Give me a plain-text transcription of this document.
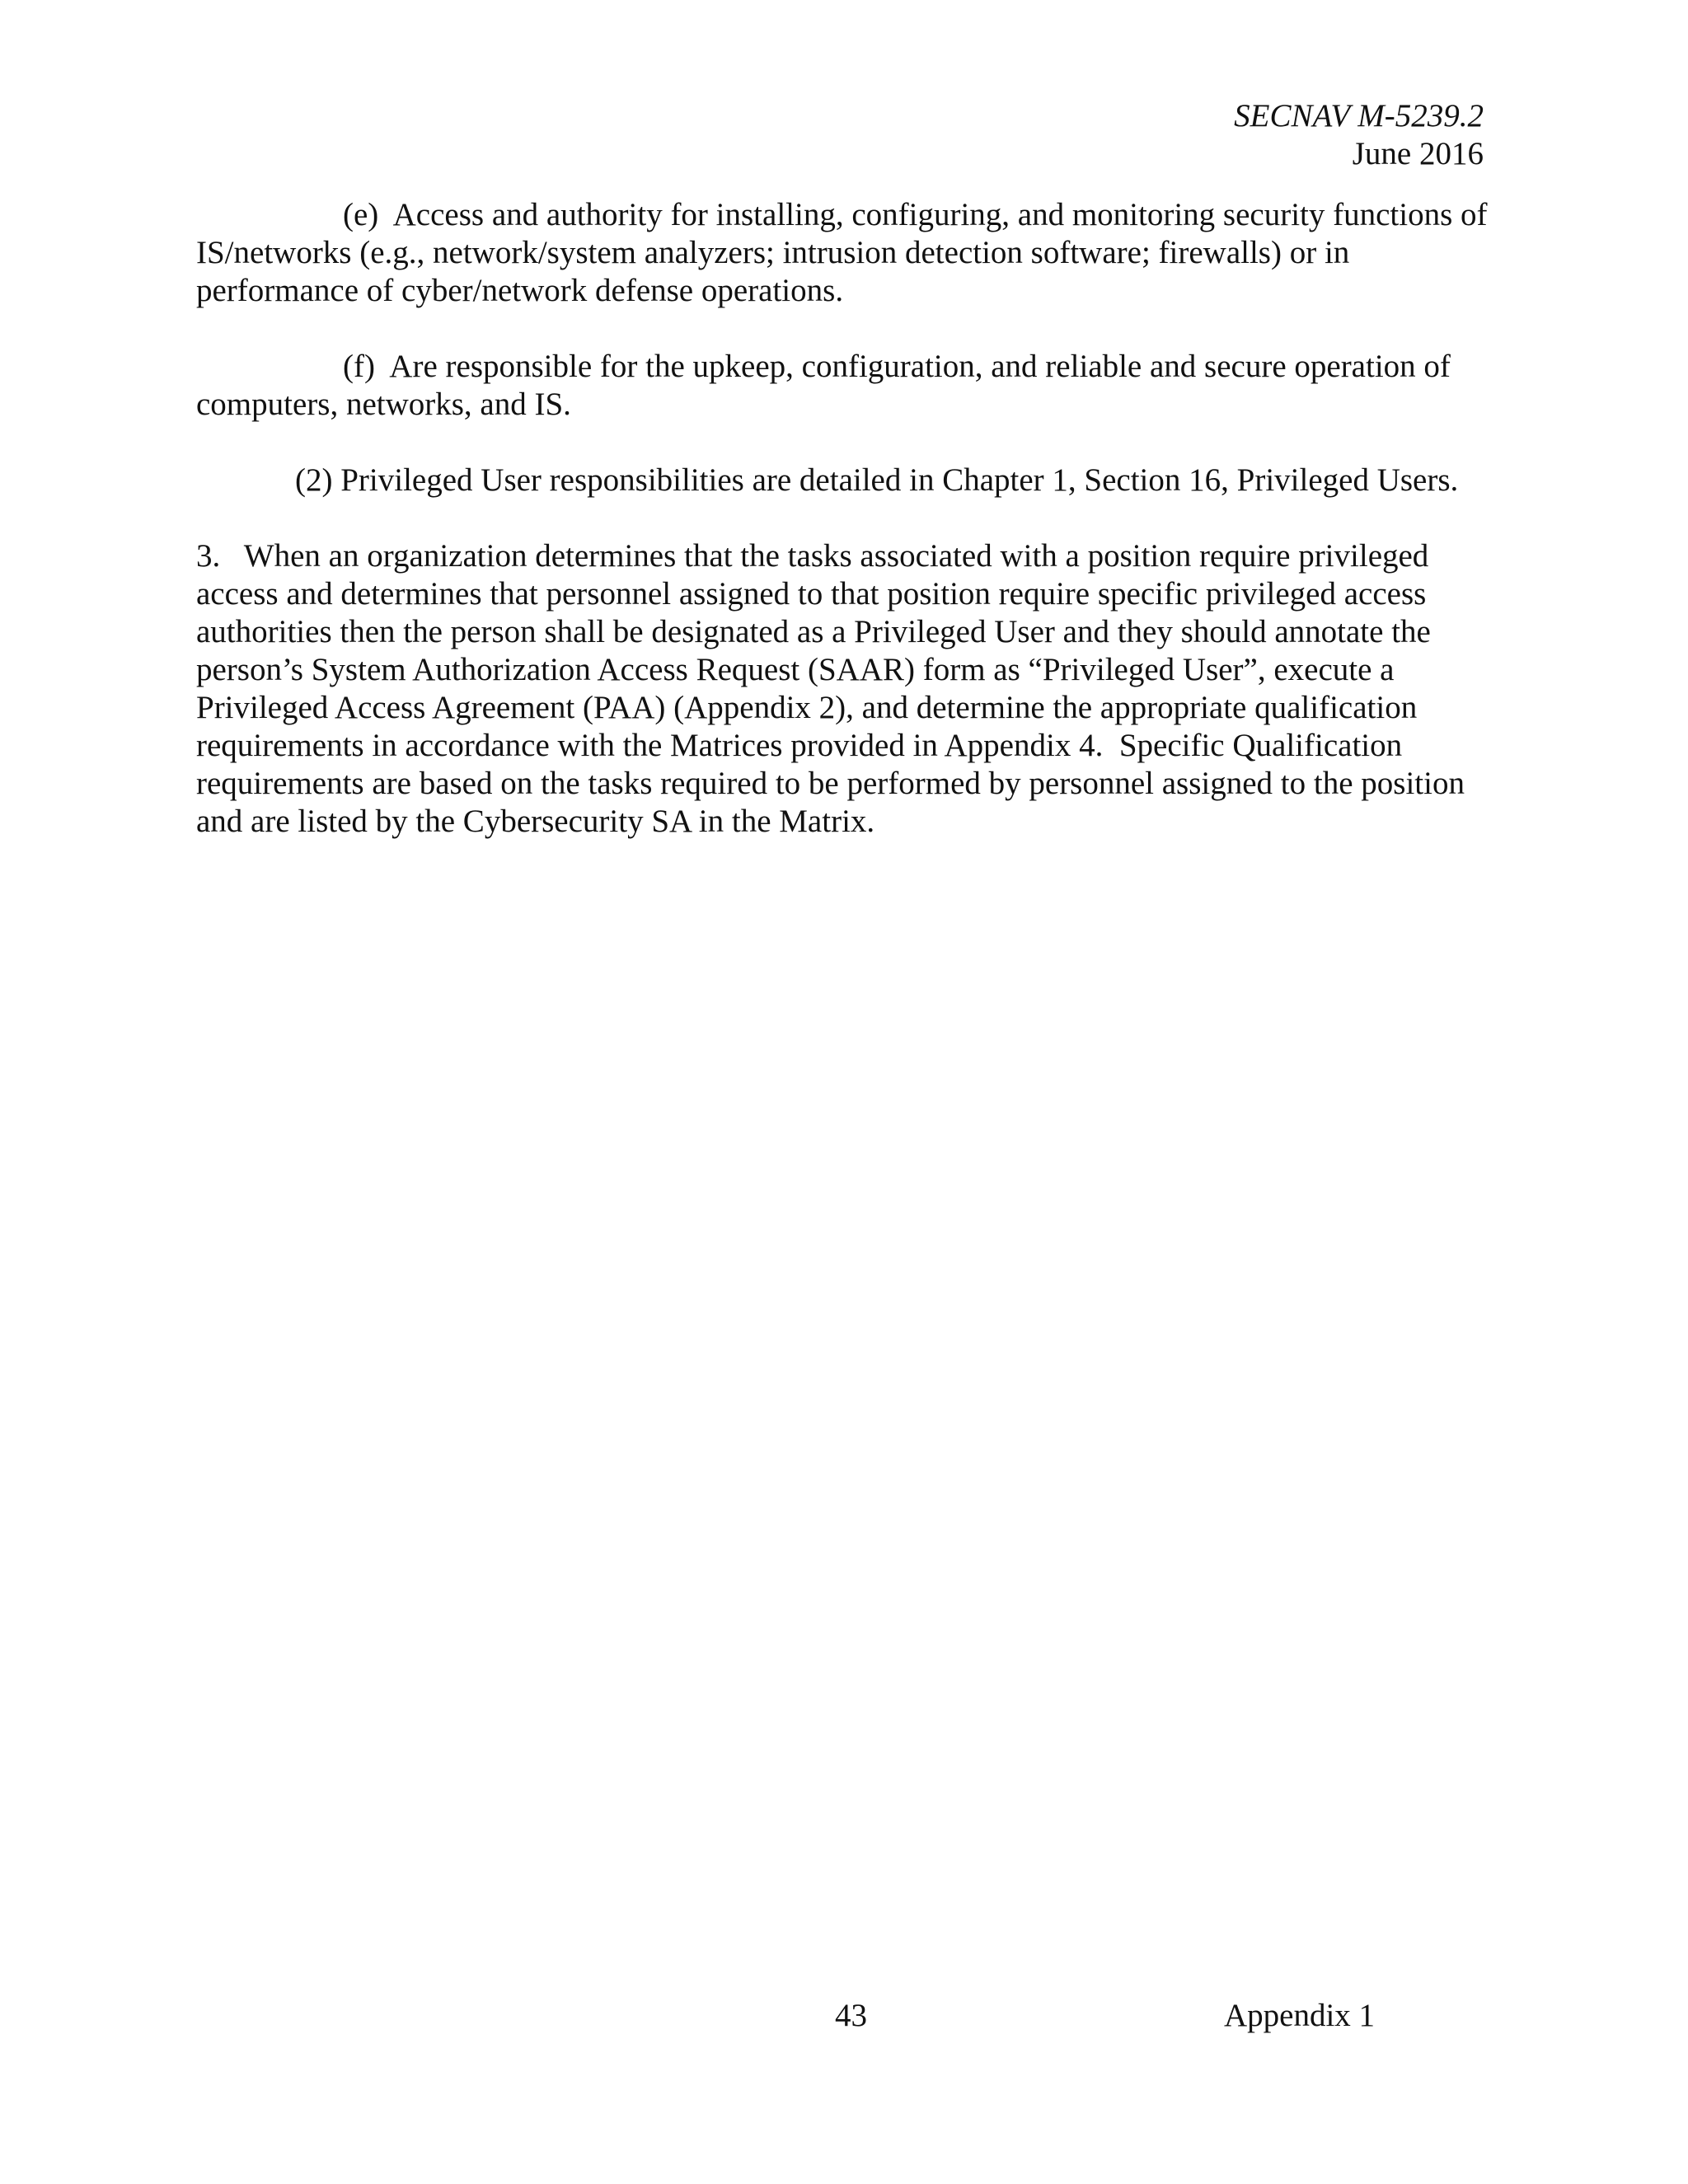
SECNAV M-5239.2
June 2016

(e)  Access and authority for installing, configuring, and monitoring security functions of IS/networks (e.g., network/system analyzers; intrusion detection software; firewalls) or in performance of cyber/network defense operations.

(f)  Are responsible for the upkeep, configuration, and reliable and secure operation of computers, networks, and IS.

(2) Privileged User responsibilities are detailed in Chapter 1, Section 16, Privileged Users.

3.   When an organization determines that the tasks associated with a position require privileged access and determines that personnel assigned to that position require specific privileged access authorities then the person shall be designated as a Privileged User and they should annotate the person’s System Authorization Access Request (SAAR) form as “Privileged User”, execute a Privileged Access Agreement (PAA) (Appendix 2), and determine the appropriate qualification requirements in accordance with the Matrices provided in Appendix 4.  Specific Qualification requirements are based on the tasks required to be performed by personnel assigned to the position and are listed by the Cybersecurity SA in the Matrix.

43	Appendix 1
